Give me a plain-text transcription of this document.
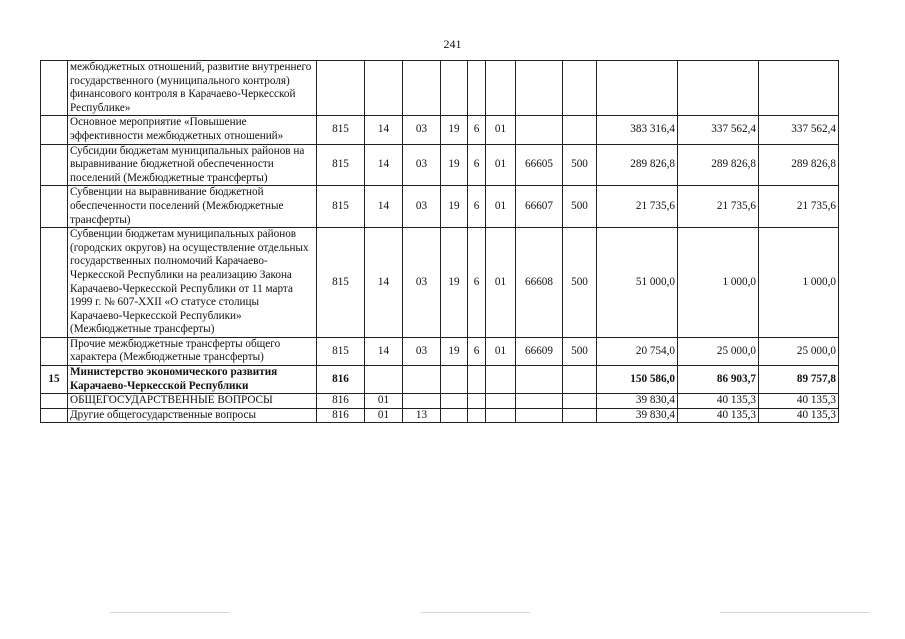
241
	межбюджетных отношений, развитие внутреннего государственного (муниципального контроля) финансового контроля в Карачаево-Черкесской Республике»											
	Основное мероприятие «Повышение эффективности межбюджетных отношений»	815	14	03	19	6	01			383 316,4	337 562,4	337 562,4
	Субсидии бюджетам муниципальных районов на выравнивание бюджетной обеспеченности поселений (Межбюджетные трансферты)	815	14	03	19	6	01	66605	500	289 826,8	289 826,8	289 826,8
	Субвенции на выравнивание бюджетной обеспеченности поселений (Межбюджетные трансферты)	815	14	03	19	6	01	66607	500	21 735,6	21 735,6	21 735,6
	Субвенции бюджетам муниципальных районов (городских округов) на осуществление отдельных государственных полномочий Карачаево-Черкесской Республики на реализацию Закона Карачаево-Черкесской Республики от 11 марта 1999 г. № 607-XXII «О статусе столицы Карачаево-Черкесской Республики» (Межбюджетные трансферты)	815	14	03	19	6	01	66608	500	51 000,0	1 000,0	1 000,0
	Прочие межбюджетные трансферты общего характера (Межбюджетные трансферты)	815	14	03	19	6	01	66609	500	20 754,0	25 000,0	25 000,0
15	Министерство экономического развития Карачаево-Черкесской Республики	816								150 586,0	86 903,7	89 757,8
	ОБЩЕГОСУДАРСТВЕННЫЕ ВОПРОСЫ	816	01							39 830,4	40 135,3	40 135,3
	Другие общегосударственные вопросы	816	01	13						39 830,4	40 135,3	40 135,3
